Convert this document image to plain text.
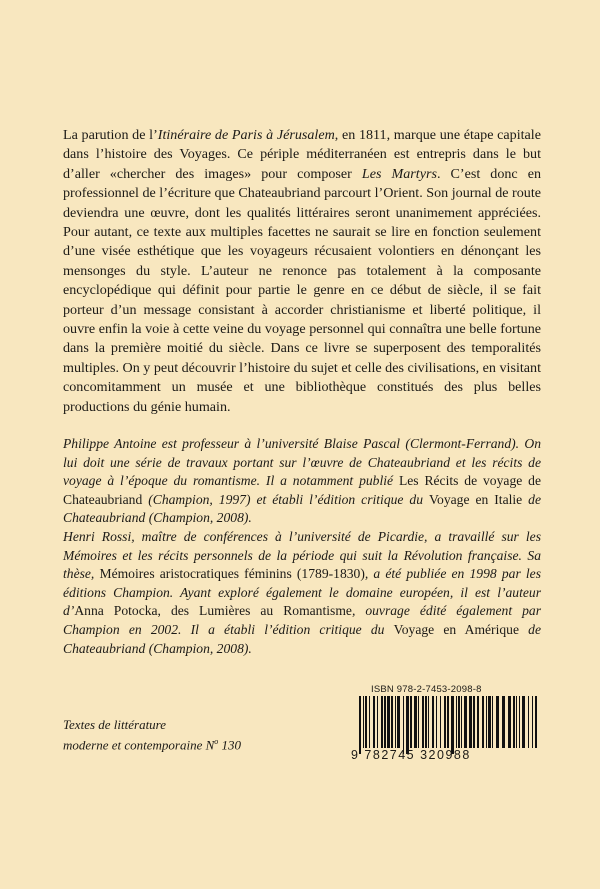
La parution de l’Itinéraire de Paris à Jérusalem, en 1811, marque une étape capitale dans l’histoire des Voyages. Ce périple méditerranéen est entrepris dans le but d’aller «chercher des images» pour composer Les Martyrs. C’est donc en professionnel de l’écriture que Chateaubriand parcourt l’Orient. Son journal de route deviendra une œuvre, dont les qualités littéraires seront unanimement appréciées. Pour autant, ce texte aux multiples facettes ne saurait se lire en fonction seulement d’une visée esthétique que les voyageurs récusaient volontiers en dénonçant les mensonges du style. L’auteur ne renonce pas totalement à la composante encyclopédique qui définit pour partie le genre en ce début de siècle, il se fait porteur d’un message consistant à accorder christianisme et liberté politique, il ouvre enfin la voie à cette veine du voyage personnel qui connaîtra une belle fortune dans la première moitié du siècle. Dans ce livre se superposent des temporalités multiples. On y peut découvrir l’histoire du sujet et celle des civilisations, en visitant concomitamment un musée et une bibliothèque constitués des plus belles productions du génie humain.

Philippe Antoine est professeur à l’université Blaise Pascal (Clermont-Ferrand). On lui doit une série de travaux portant sur l’œuvre de Chateaubriand et les récits de voyage à l’époque du romantisme. Il a notamment publié Les Récits de voyage de Chateaubriand (Champion, 1997) et établi l’édition critique du Voyage en Italie de Chateaubriand (Champion, 2008).

Henri Rossi, maître de conférences à l’université de Picardie, a travaillé sur les Mémoires et les récits personnels de la période qui suit la Révolution française. Sa thèse, Mémoires aristocratiques féminins (1789-1830), a été publiée en 1998 par les éditions Champion. Ayant exploré également le domaine européen, il est l’auteur d’Anna Potocka, des Lumières au Romantisme, ouvrage édité également par Champion en 2002. Il a établi l’édition critique du Voyage en Amérique de Chateaubriand (Champion, 2008).

Textes de littérature
moderne et contemporaine $N^o$ 130
ISBN 978-2-7453-2098-8
9 782745 320988
